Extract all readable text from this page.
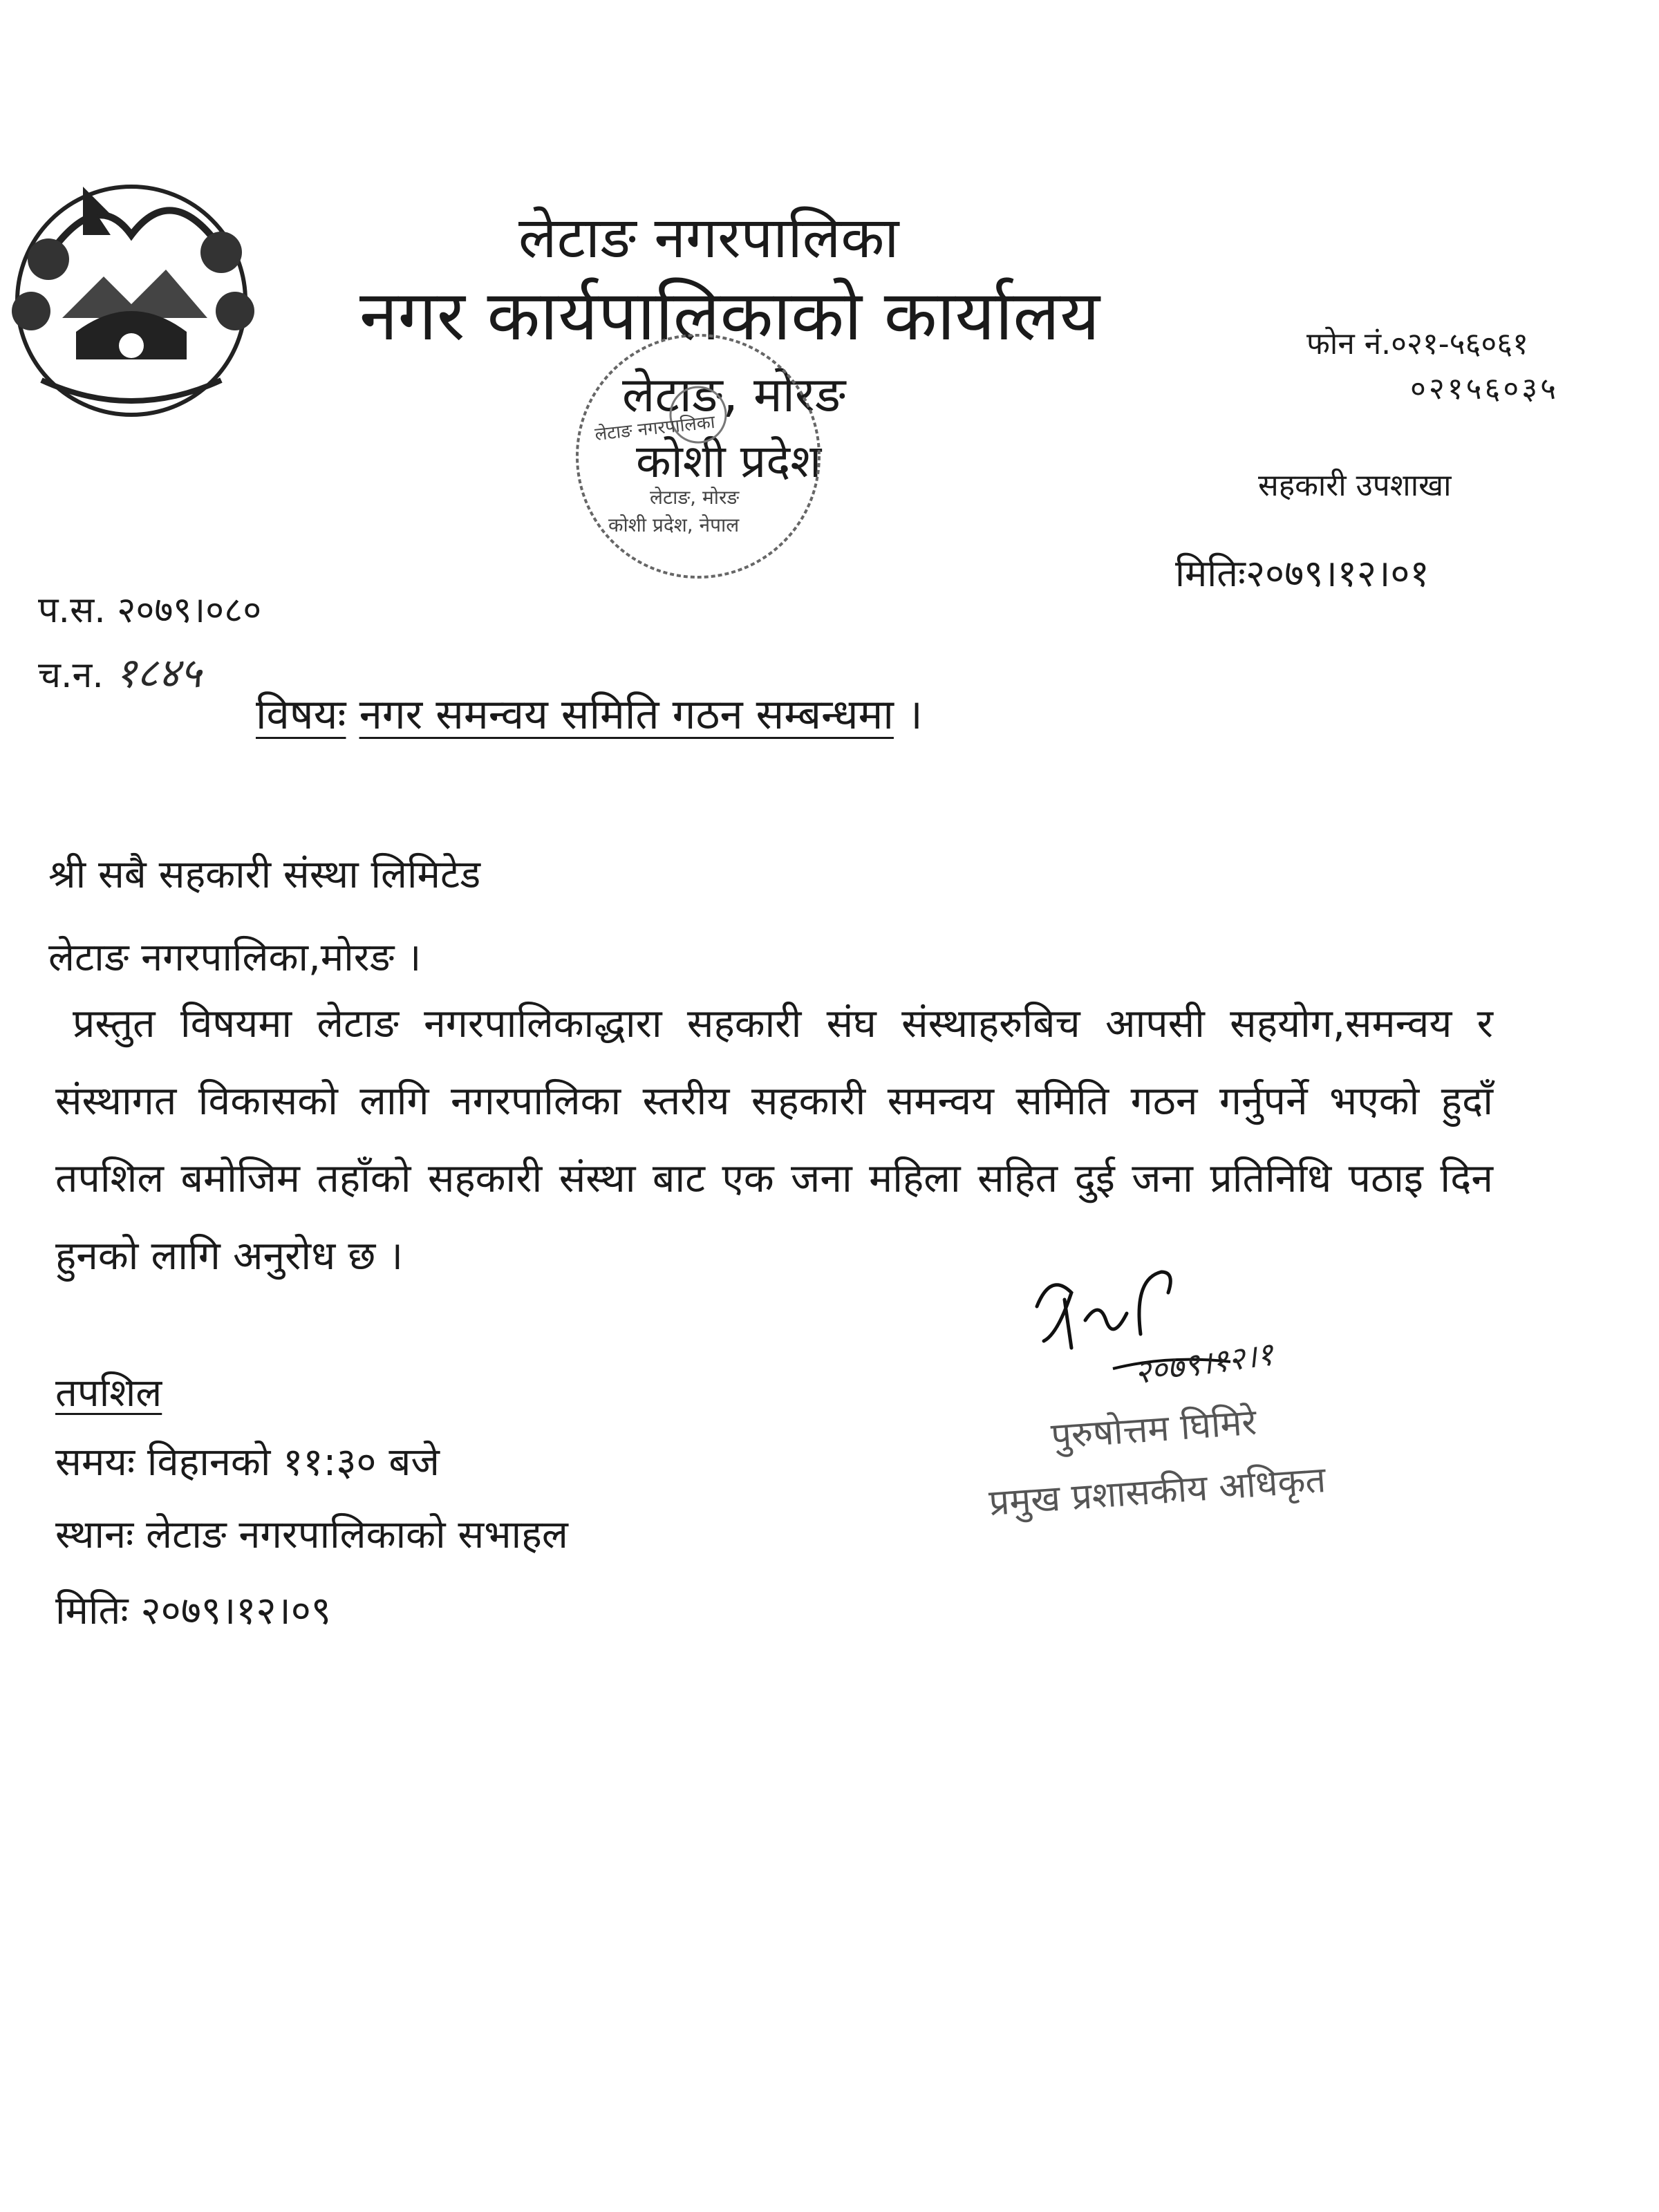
लेटाङ नगरपालिका
नगर कार्यपालिकाको कार्यालय
लेटाङ, मोरङ
कोशी प्रदेश
फोन नं.०२१-५६०६१
०२१५६०३५
सहकारी उपशाखा
मितिः२०७९।१२।०१
लेटाङ नगरपालिका
लेटाङ, मोरङ
कोशी प्रदेश, नेपाल
प.स. २०७९।०८०
च.न. १८४५
विषयः नगर समन्वय समिति गठन सम्बन्धमा ।
श्री सबै सहकारी संस्था लिमिटेड
लेटाङ नगरपालिका,मोरङ ।
प्रस्तुत विषयमा लेटाङ नगरपालिकाद्धारा सहकारी संघ संस्थाहरुबिच आपसी सहयोग,समन्वय र संस्थागत विकासको लागि नगरपालिका स्तरीय सहकारी समन्वय समिति गठन गर्नुपर्ने भएको हुदाँ तपशिल बमोजिम तहाँको सहकारी संस्था बाट एक जना महिला सहित दुई जना प्रतिनिधि पठाइ दिन हुनको लागि अनुरोध छ ।
तपशिल
समयः विहानको ११:३० बजे
स्थानः लेटाङ नगरपालिकाको सभाहल
मितिः २०७९।१२।०९
२०७९।१२।१
पुरुषोत्तम घिमिरे
प्रमुख प्रशासकीय अधिकृत
